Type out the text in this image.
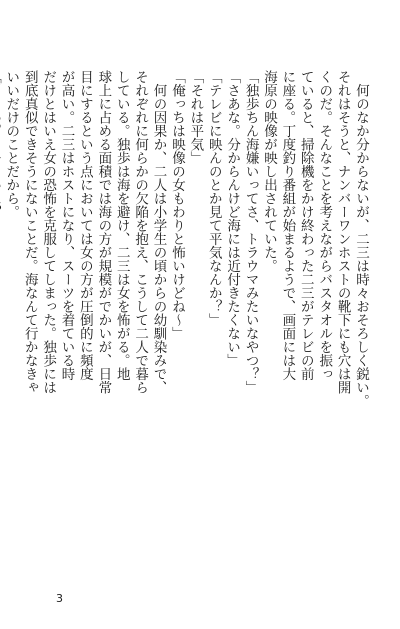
　何のなか分からないが、二三は時々おそろしく鋭い。
それはそうと、ナンバーワンホストの靴下にも穴は開
くのだ。そんなことを考えながらバスタオルを振っ
ていると、掃除機をかけ終わった二三がテレビの前
に座る。丁度釣り番組が始まるようで、画面には大
海原の映像が映し出されていた。
「独歩ちん海嫌いってさ、トラウマみたいなやつ？」
「さあな。分からんけど海には近付きたくない」
「テレビに映んのとか見て平気なんか？」
「それは平気」
「俺っちは映像の女もわりと怖いけどね〜」
　何の因果か、二人は小学生の頃からの幼馴染みで、
それぞれに何らかの欠陥を抱え、こうして二人で暮ら
している。独歩は海を避け、二三は女を怖がる。地
球上に占める面積では海の方が規模がでかいが、日常
目にするという点においては女の方が圧倒的に頻度
が高い。二三はホストになり、スーツを着ている時
だけとはいえ女の恐怖を克服してしまった。独歩には
到底真似できそうにないことだ。海なんて行かなきゃ
いいだけのことだから。

3
